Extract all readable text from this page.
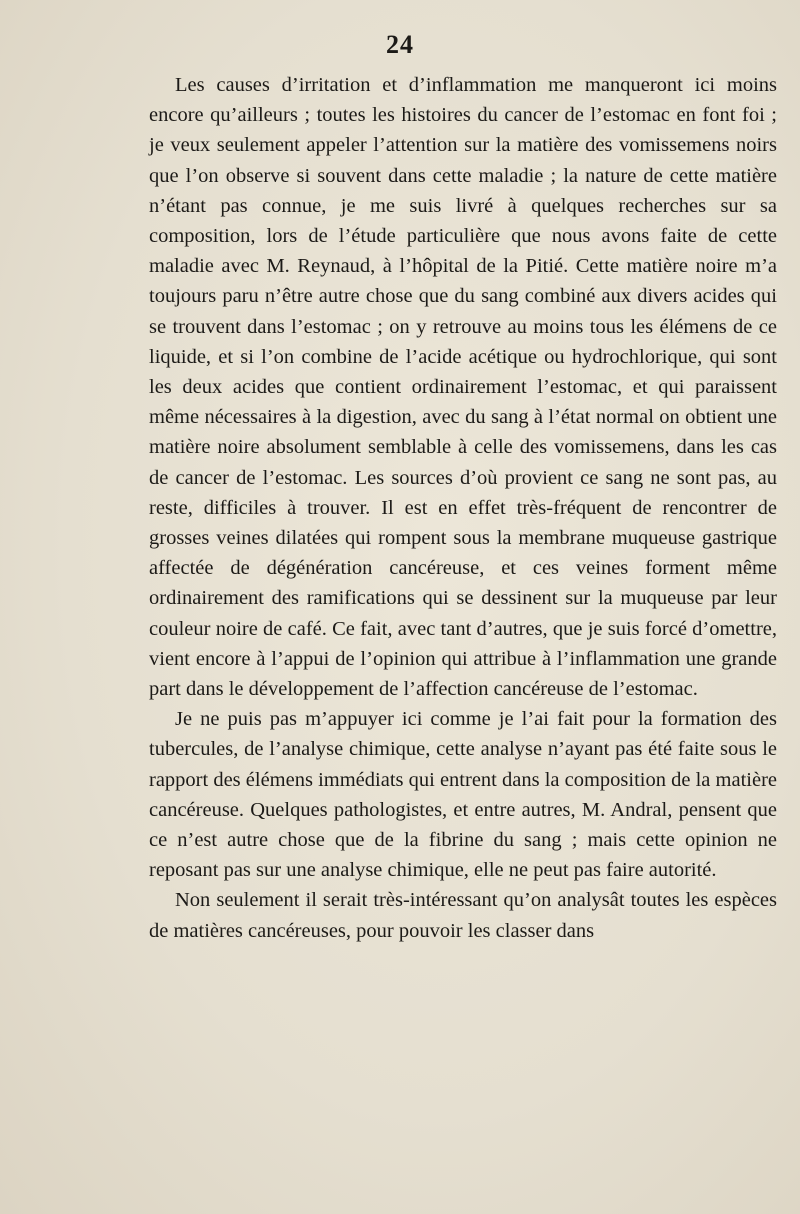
24

Les causes d’irritation et d’inflammation me manqueront ici moins encore qu’ailleurs ; toutes les histoires du cancer de l’estomac en font foi ; je veux seulement appeler l’attention sur la matière des vomissemens noirs que l’on observe si souvent dans cette maladie ; la nature de cette matière n’étant pas connue, je me suis livré à quelques recherches sur sa composition, lors de l’étude particulière que nous avons faite de cette maladie avec M. Reynaud, à l’hôpital de la Pitié. Cette matière noire m’a toujours paru n’être autre chose que du sang combiné aux divers acides qui se trouvent dans l’estomac ; on y retrouve au moins tous les élémens de ce liquide, et si l’on combine de l’acide acétique ou hydrochlorique, qui sont les deux acides que contient ordinairement l’estomac, et qui paraissent même nécessaires à la digestion, avec du sang à l’état normal on obtient une matière noire absolument semblable à celle des vomissemens, dans les cas de cancer de l’estomac. Les sources d’où provient ce sang ne sont pas, au reste, difficiles à trouver. Il est en effet très-fréquent de rencontrer de grosses veines dilatées qui rompent sous la membrane muqueuse gastrique affectée de dégénération cancéreuse, et ces veines forment même ordinairement des ramifications qui se dessinent sur la muqueuse par leur couleur noire de café. Ce fait, avec tant d’autres, que je suis forcé d’omettre, vient encore à l’appui de l’opinion qui attribue à l’inflammation une grande part dans le développement de l’affection cancéreuse de l’estomac.

Je ne puis pas m’appuyer ici comme je l’ai fait pour la formation des tubercules, de l’analyse chimique, cette analyse n’ayant pas été faite sous le rapport des élémens immédiats qui entrent dans la composition de la matière cancéreuse. Quelques pathologistes, et entre autres, M. Andral, pensent que ce n’est autre chose que de la fibrine du sang ; mais cette opinion ne reposant pas sur une analyse chimique, elle ne peut pas faire autorité.

Non seulement il serait très-intéressant qu’on analysât toutes les espèces de matières cancéreuses, pour pouvoir les classer dans
